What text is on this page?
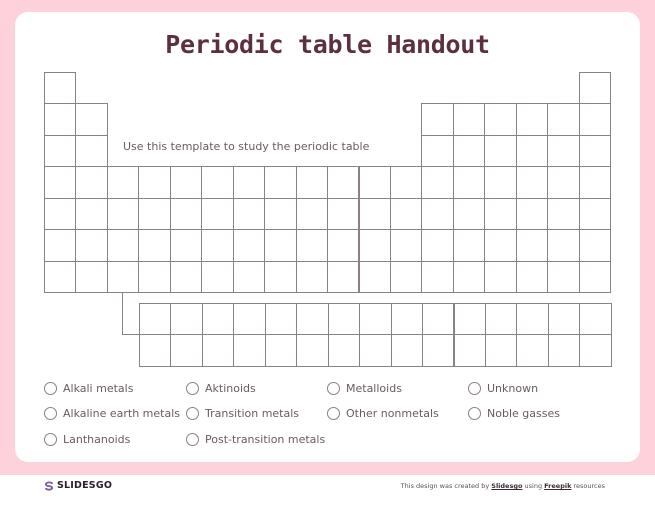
Periodic table Handout
Use this template to study the periodic table
Alkali metals
Alkaline earth metals
Lanthanoids
Aktinoids
Transition metals
Post-transition metals
Metalloids
Other nonmetals
Unknown
Noble gasses
SLIDESGO	This design was created by Slidesgo using Freepik resources
